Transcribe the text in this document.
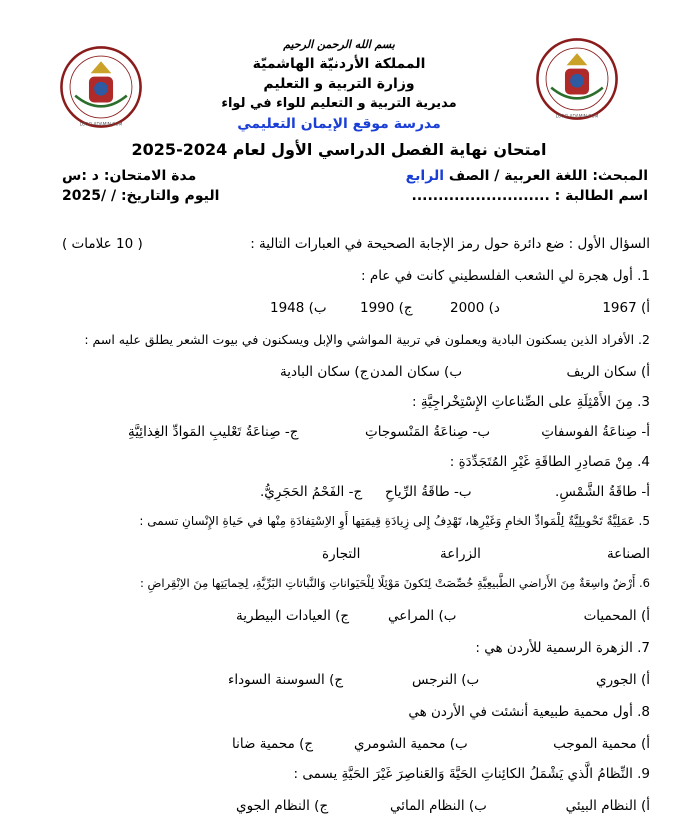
LOGO-ADAMIN.COM
LOGO-ADAMIN.COM
بسم الله الرحمن الرحيم
المملكة الأردنيّة الهاشميّة
وزارة التربية و التعليم
مديرية التربية و التعليم للواء في لواء
مدرسة موقع الإيمان التعليمي
امتحان نهاية الفصل الدراسي الأول لعام 2024-2025
المبحث: اللغة العربية / الصف الرابع
مدة الامتحان: د :س
اسم الطالبة : ..........................
اليوم والتاريخ: / /2025
السؤال الأول : ضع دائرة حول رمز الإجابة الصحيحة في العبارات التالية :
( 10 علامات )
1. أول هجرة لي الشعب الفلسطيني كانت في عام :
أ) 1967
ب) 1948 ج) 1990	د) 2000
2. الأفراد الذين يسكنون البادية ويعملون في تربية المواشي والإبل ويسكنون في بيوت الشعر يطلق عليه اسم :
أ) سكان الريف
ب) سكان المدن
ج) سكان البادية
3. مِنَ الأَمْثِلَةِ على الصِّناعاتِ الإِسْتِخْراجِيَّةِ :
أ- صِناعَةُ الفوسفاتِ
ب- صِناعَةُ المَنْسوجاتِ
ج- صِناعَةُ تَعْليبِ المَوادِّ الغِذائِيَّةِ
4. مِنْ مَصادِرِ الطاقَةِ غَيْرِ المُتَجَدِّدَةِ :
أ- طاقَةُ الشَّمْسِ.
ب- طاقَةُ الرِّياحِ
ج- الفَحْمُ الحَجَرِيُّ.
5. عَمَلِيَّةٌ تَحْويلِيَّةٌ لِلْمَوادِّ الخامِ وَغَيْرِها، تَهْدِفُ إِلى زِيادَةِ قِيمَتِها أَوِ الاِسْتِفادَةِ مِنْها في حَياةِ الإِنْسانِ تسمى :
الصناعة
الزراعة
التجارة
6. أَرْضٌ واسِعَةٌ مِنَ الأَراضي الطَّبيعِيَّةِ خُصِّصَتْ لِتَكونَ مَوْئِلًا لِلْحَيَواناتِ وَالنَّباتاتِ البَرِّيَّةِ، لِحِمايَتِها مِنَ الاِنْقِراضِ :
أ) المحميات
ب) المراعي
ج) العيادات البيطرية
7. الزهرة الرسمية للأردن هي :
أ) الجوري
ب) النرجس
ج) السوسنة السوداء
8. أول محمية طبيعية أنشئت في الأردن هي
أ) محمية الموجب
ب) محمية الشومري
ج) محمية ضانا
9. النِّظامُ الَّذي يَشْمَلُ الكائِناتِ الحَيَّةَ وَالعَناصِرَ غَيْرَ الحَيَّةِ يسمى :
أ) النظام البيئي
ب) النظام المائي
ج) النظام الجوي
